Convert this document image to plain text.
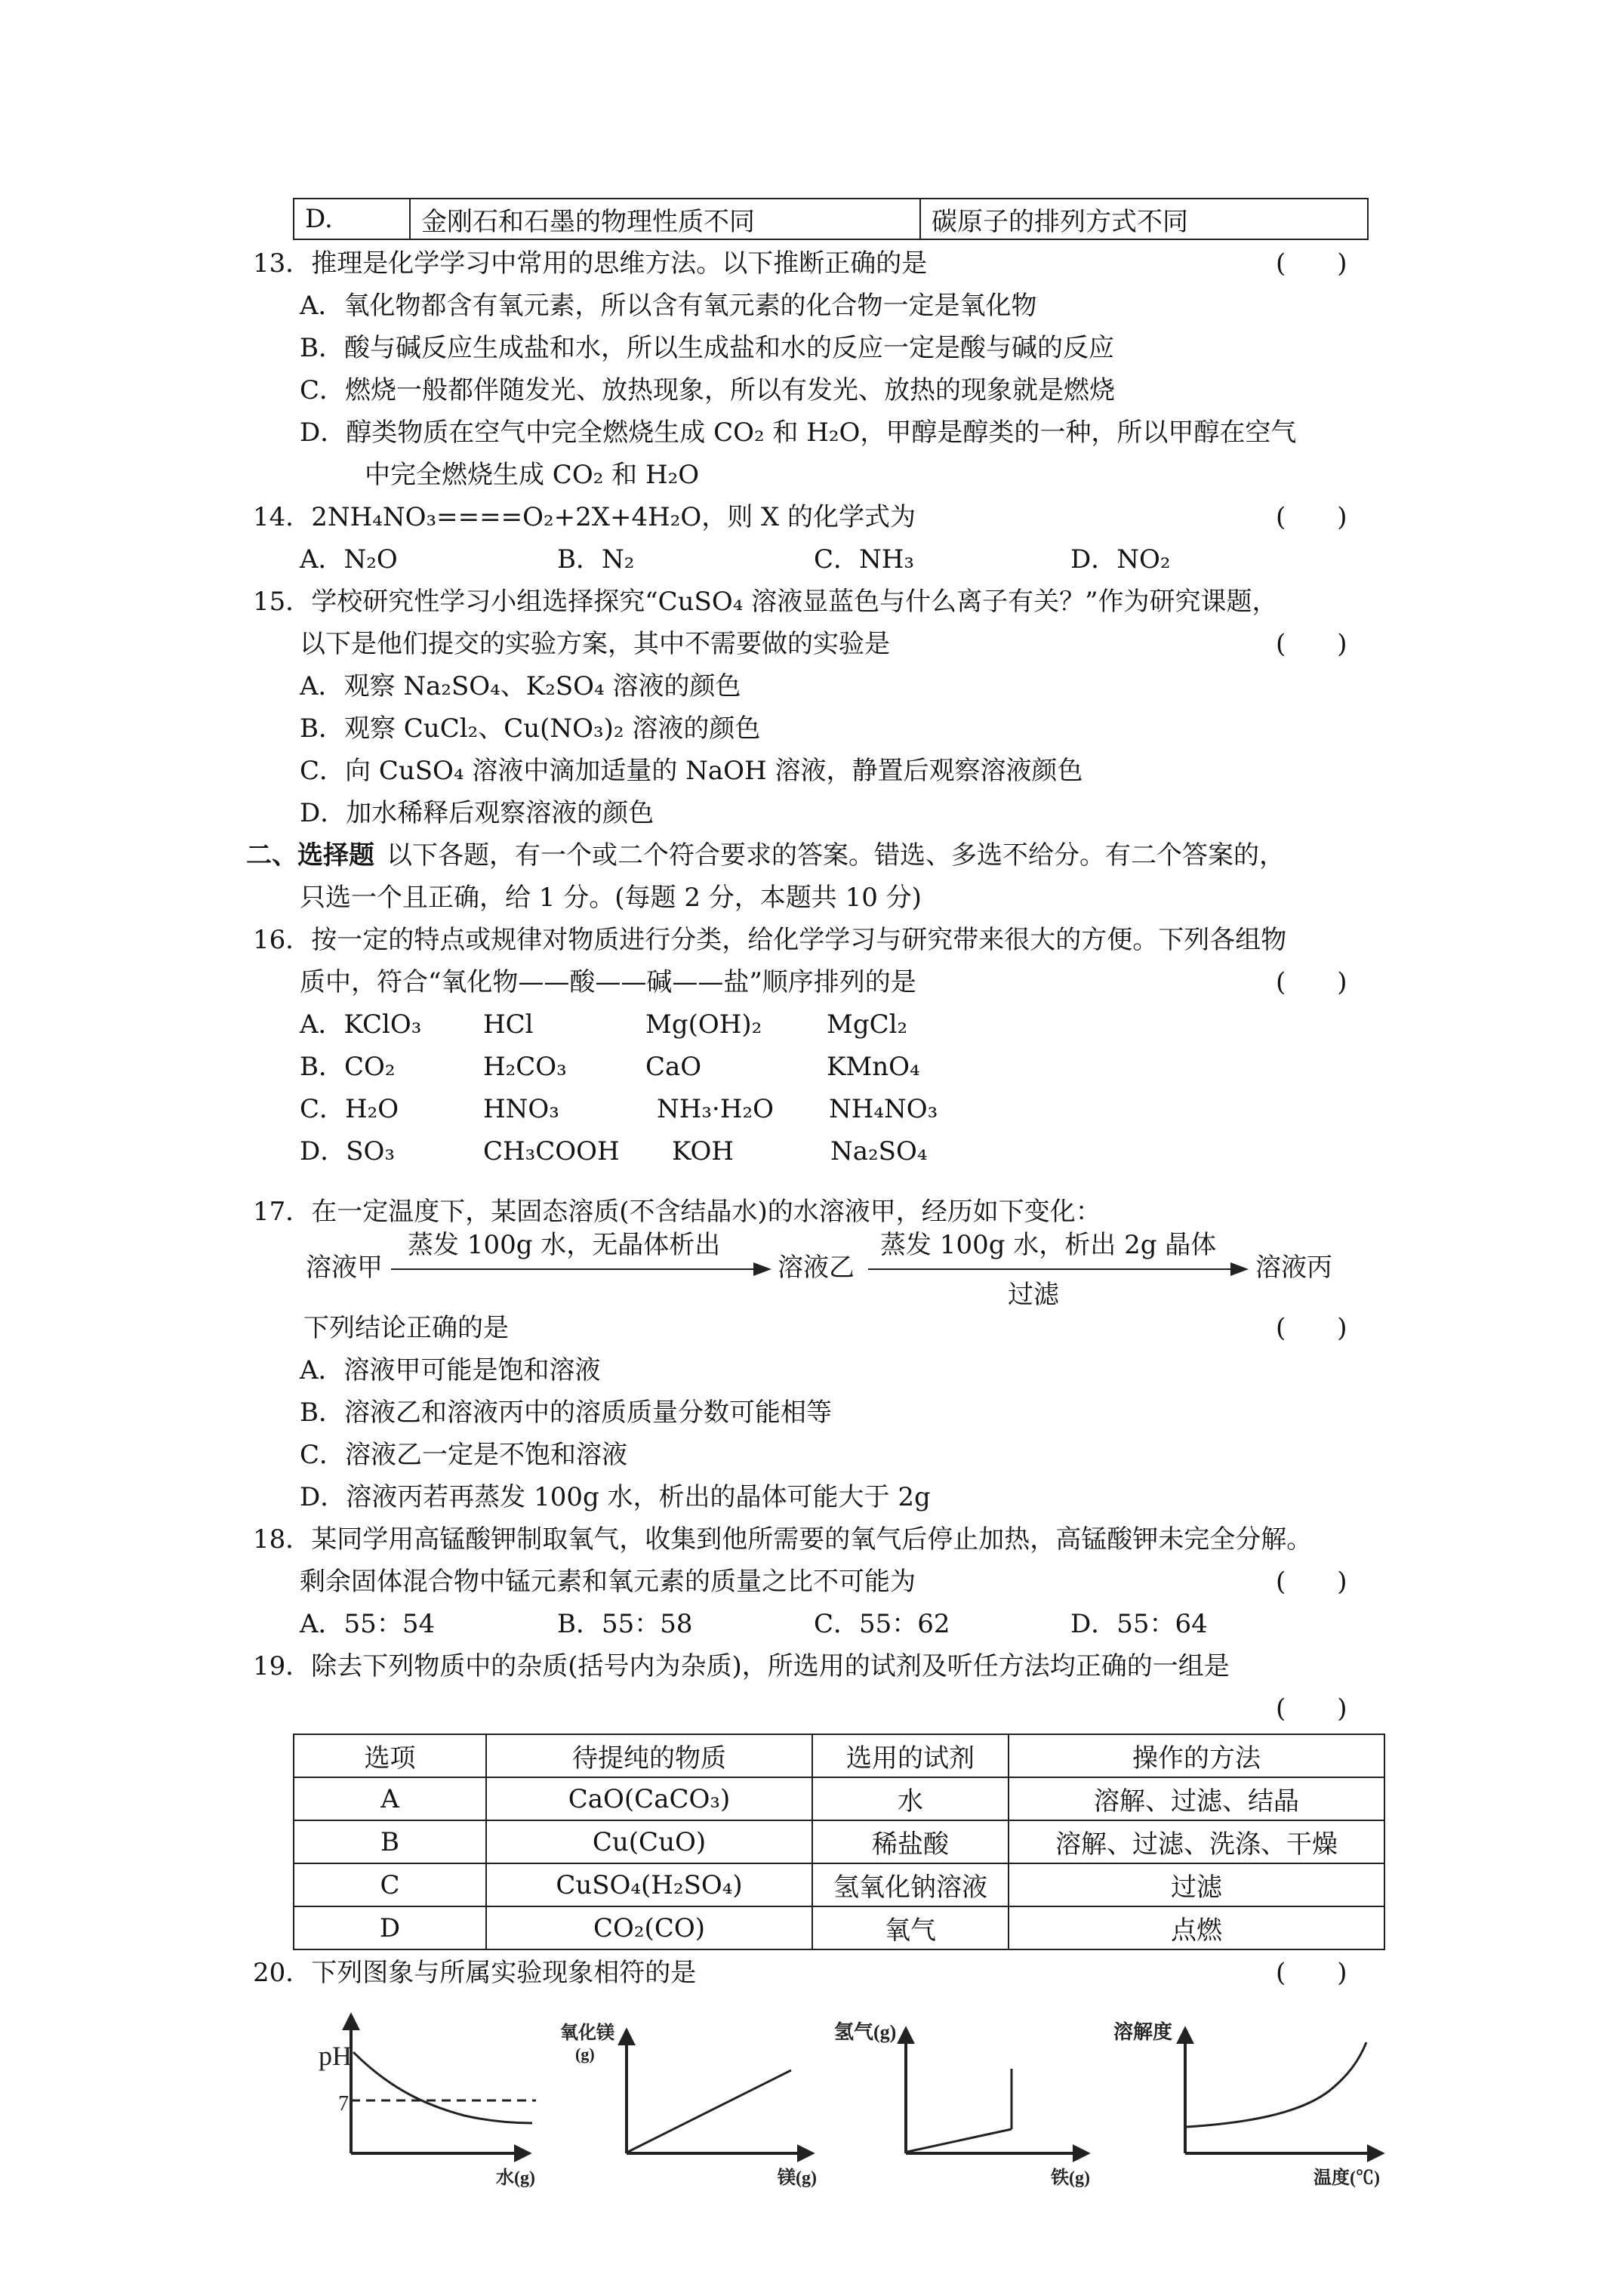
D.	金刚石和石墨的物理性质不同	碳原子的排列方式不同
13．推理是化学学习中常用的思维方法。以下推断正确的是	(　　)
A．氧化物都含有氧元素，所以含有氧元素的化合物一定是氧化物
B．酸与碱反应生成盐和水，所以生成盐和水的反应一定是酸与碱的反应
C．燃烧一般都伴随发光、放热现象，所以有发光、放热的现象就是燃烧
D．醇类物质在空气中完全燃烧生成 CO₂ 和 H₂O，甲醇是醇类的一种，所以甲醇在空气
中完全燃烧生成 CO₂ 和 H₂O
14．2NH₄NO₃====O₂+2X+4H₂O，则 X 的化学式为	(　　)
A．N₂O	B．N₂	C．NH₃	D．NO₂
15．学校研究性学习小组选择探究“CuSO₄ 溶液显蓝色与什么离子有关？”作为研究课题，
以下是他们提交的实验方案，其中不需要做的实验是	(　　)
A．观察 Na₂SO₄、K₂SO₄ 溶液的颜色
B．观察 CuCl₂、Cu(NO₃)₂ 溶液的颜色
C．向 CuSO₄ 溶液中滴加适量的 NaOH 溶液，静置后观察溶液颜色
D．加水稀释后观察溶液的颜色
二、选择题 以下各题，有一个或二个符合要求的答案。错选、多选不给分。有二个答案的，
只选一个且正确，给 1 分。(每题 2 分，本题共 10 分)
16．按一定的特点或规律对物质进行分类，给化学学习与研究带来很大的方便。下列各组物
质中，符合“氧化物——酸——碱——盐”顺序排列的是	(　　)
A．KClO₃ HCl	Mg(OH)₂	MgCl₂
B．CO₂	H₂CO₃	CaO	KMnO₄
C．H₂O	HNO₃	NH₃·H₂O NH₄NO₃
D．SO₃	CH₃COOH KOH	Na₂SO₄
17．在一定温度下，某固态溶质(不含结晶水)的水溶液甲，经历如下变化：
溶液甲
蒸发 100g 水，无晶体析出
溶液乙
蒸发 100g 水，析出 2g 晶体
过滤
溶液丙
下列结论正确的是	(　　)
A．溶液甲可能是饱和溶液
B．溶液乙和溶液丙中的溶质质量分数可能相等
C．溶液乙一定是不饱和溶液
D．溶液丙若再蒸发 100g 水，析出的晶体可能大于 2g
18．某同学用高锰酸钾制取氧气，收集到他所需要的氧气后停止加热，高锰酸钾未完全分解。
剩余固体混合物中锰元素和氧元素的质量之比不可能为	(　　)
A．55：54	B．55：58	C．55：62	D．55：64
19．除去下列物质中的杂质(括号内为杂质)，所选用的试剂及听任方法均正确的一组是
(　　)
选项	待提纯的物质	选用的试剂	操作的方法
A	CaO(CaCO₃)	水	溶解、过滤、结晶
B	Cu(CuO)	稀盐酸	溶解、过滤、洗涤、干燥
C	CuSO₄(H₂SO₄)	氢氧化钠溶液	过滤
D	CO₂(CO)	氧气	点燃
20．下列图象与所属实验现象相符的是	(　　)
pH
7
水(g)
氧化镁
(g)
镁(g)
氢气(g)
铁(g)
溶解度
温度(℃)
